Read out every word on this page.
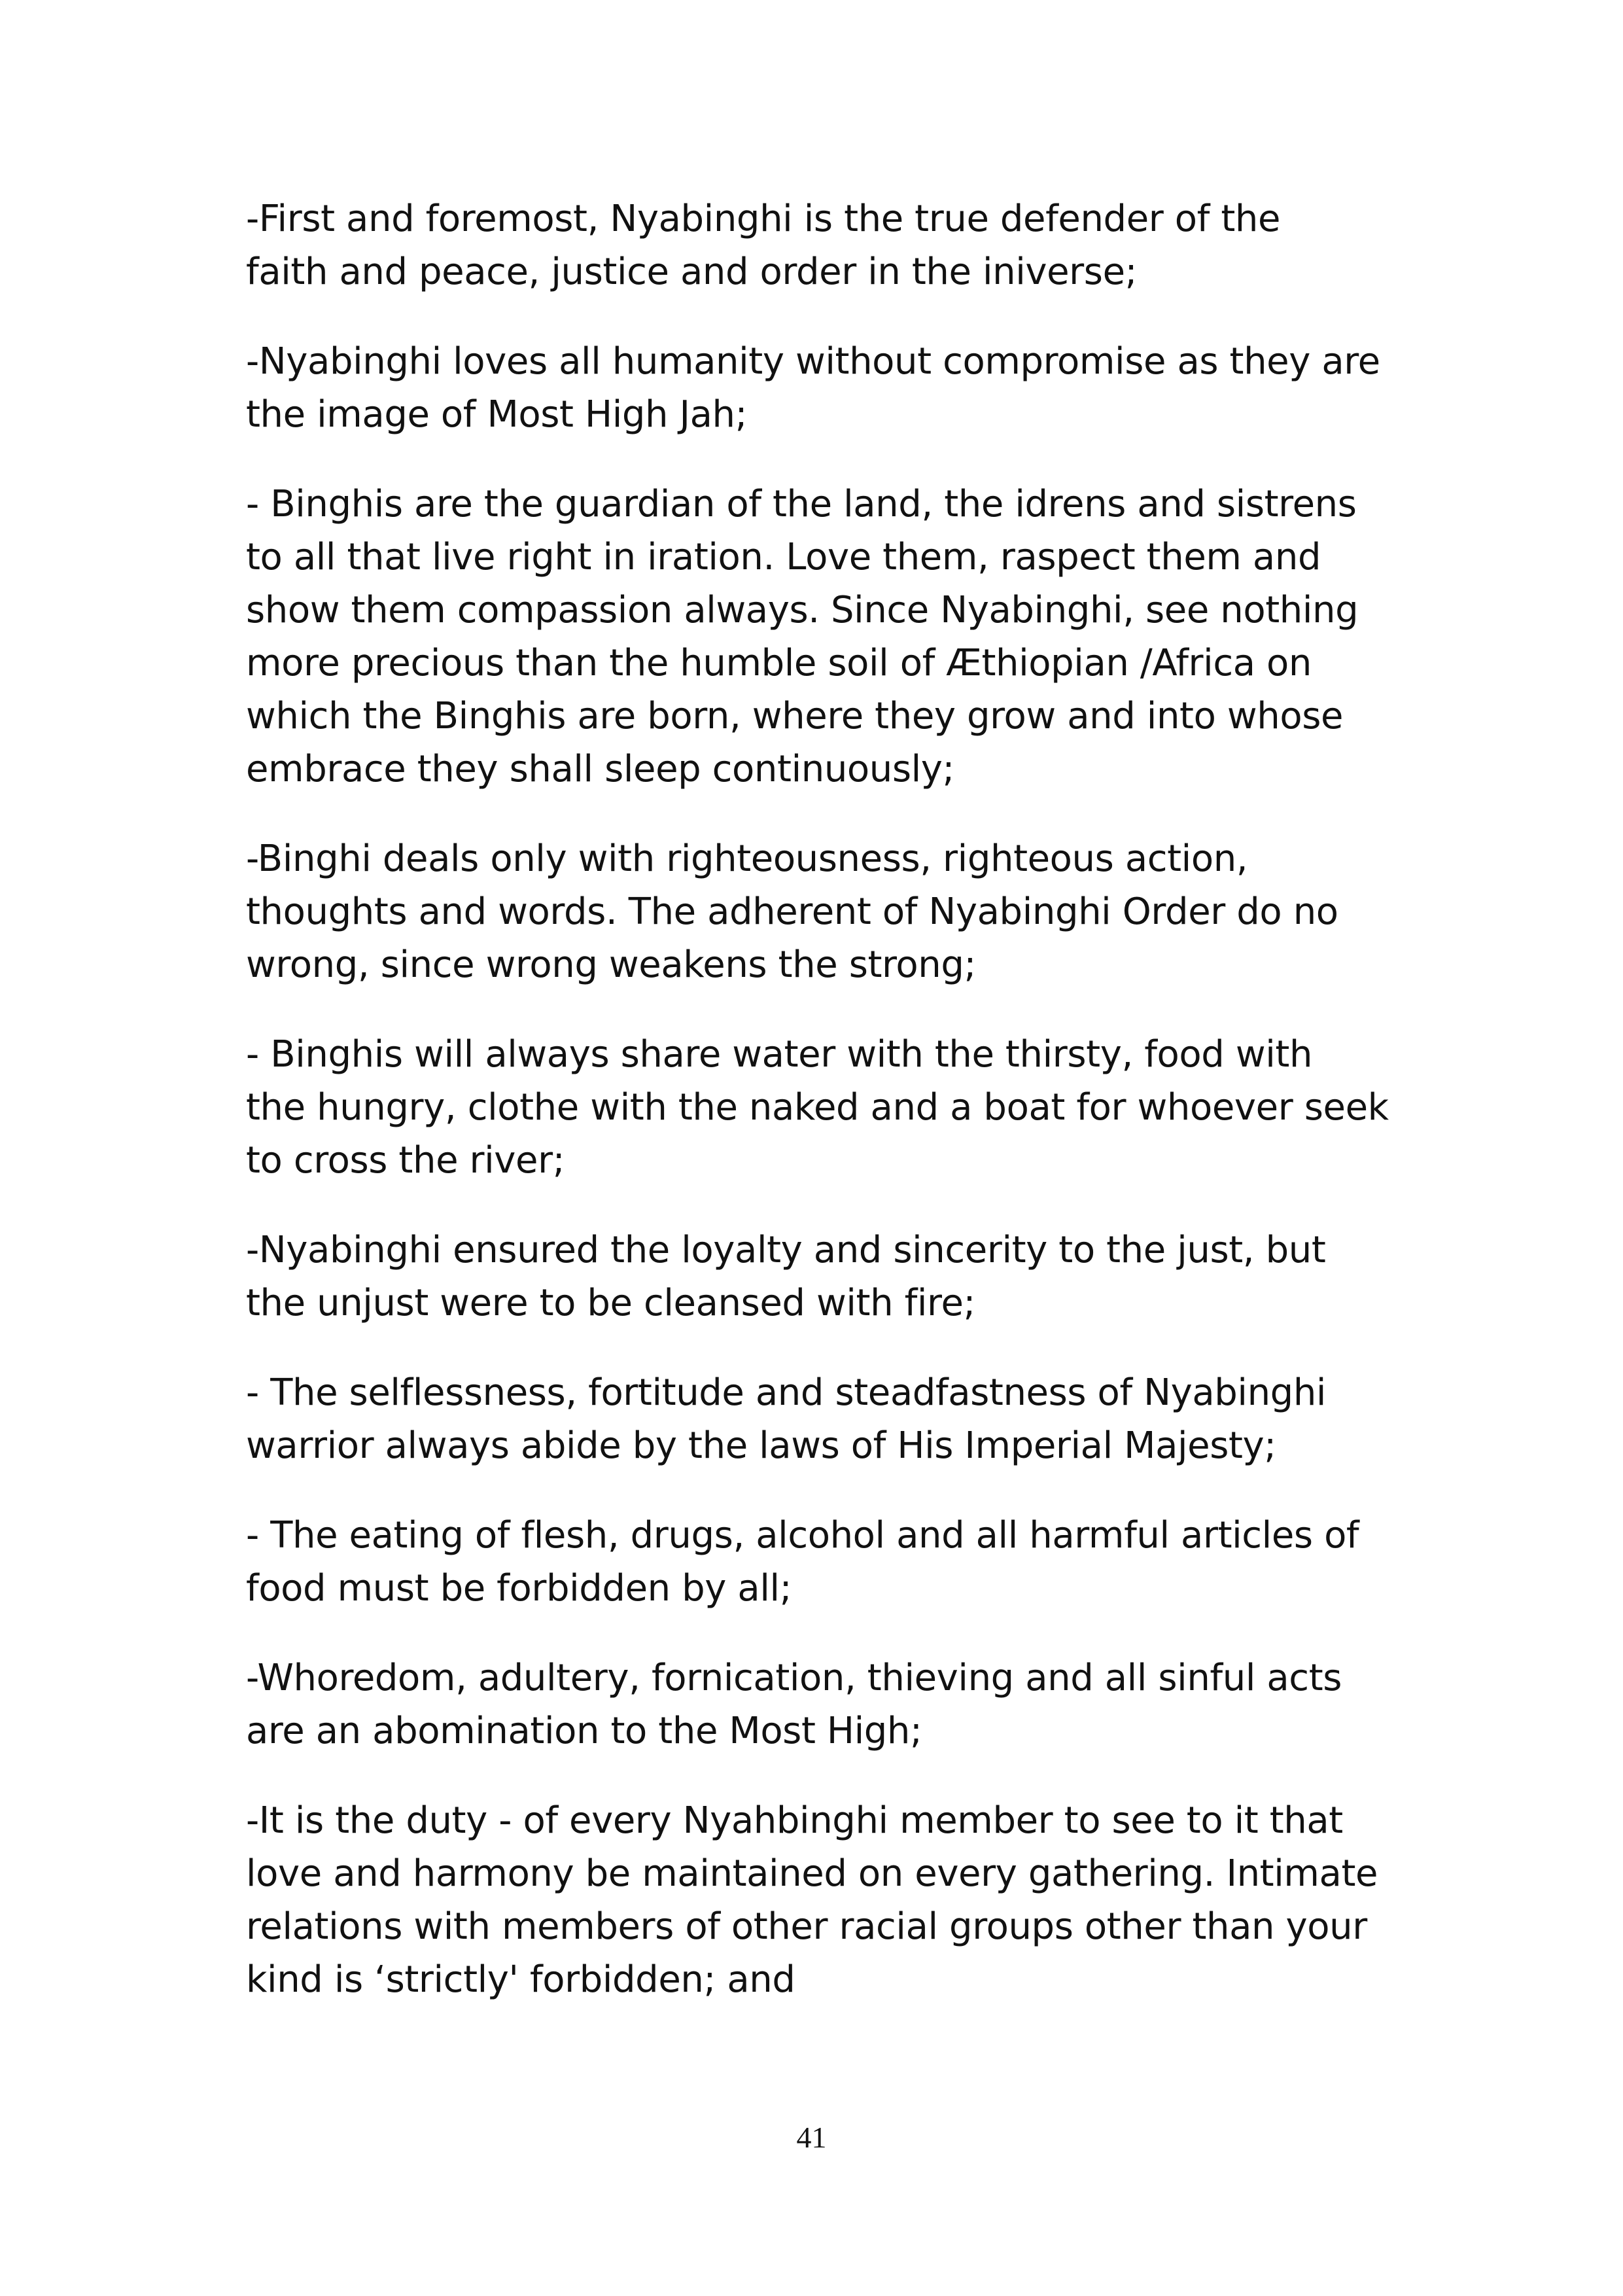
-First and foremost, Nyabinghi is the true defender of the
faith and peace, justice and order in the iniverse;

-Nyabinghi loves all humanity without compromise as they are
the image of Most High Jah;

- Binghis are the guardian of the land, the idrens and sistrens
to all that live right in iration. Love them, raspect them and
show them compassion always. Since Nyabinghi, see nothing
more precious than the humble soil of Æthiopian /Africa on
which the Binghis are born, where they grow and into whose
embrace they shall sleep continuously;

-Binghi deals only with righteousness, righteous action,
thoughts and words. The adherent of Nyabinghi Order do no
wrong, since wrong weakens the strong;

- Binghis will always share water with the thirsty, food with
the hungry, clothe with the naked and a boat for whoever seek
to cross the river;

-Nyabinghi ensured the loyalty and sincerity to the just, but
the unjust were to be cleansed with fire;

- The selflessness, fortitude and steadfastness of Nyabinghi
warrior always abide by the laws of His Imperial Majesty;

- The eating of flesh, drugs, alcohol and all harmful articles of
food must be forbidden by all;

-Whoredom, adultery, fornication, thieving and all sinful acts
are an abomination to the Most High;

-It is the duty - of every Nyahbinghi member to see to it that
love and harmony be maintained on every gathering. Intimate
relations with members of other racial groups other than your
kind is ‘strictly' forbidden; and

41
